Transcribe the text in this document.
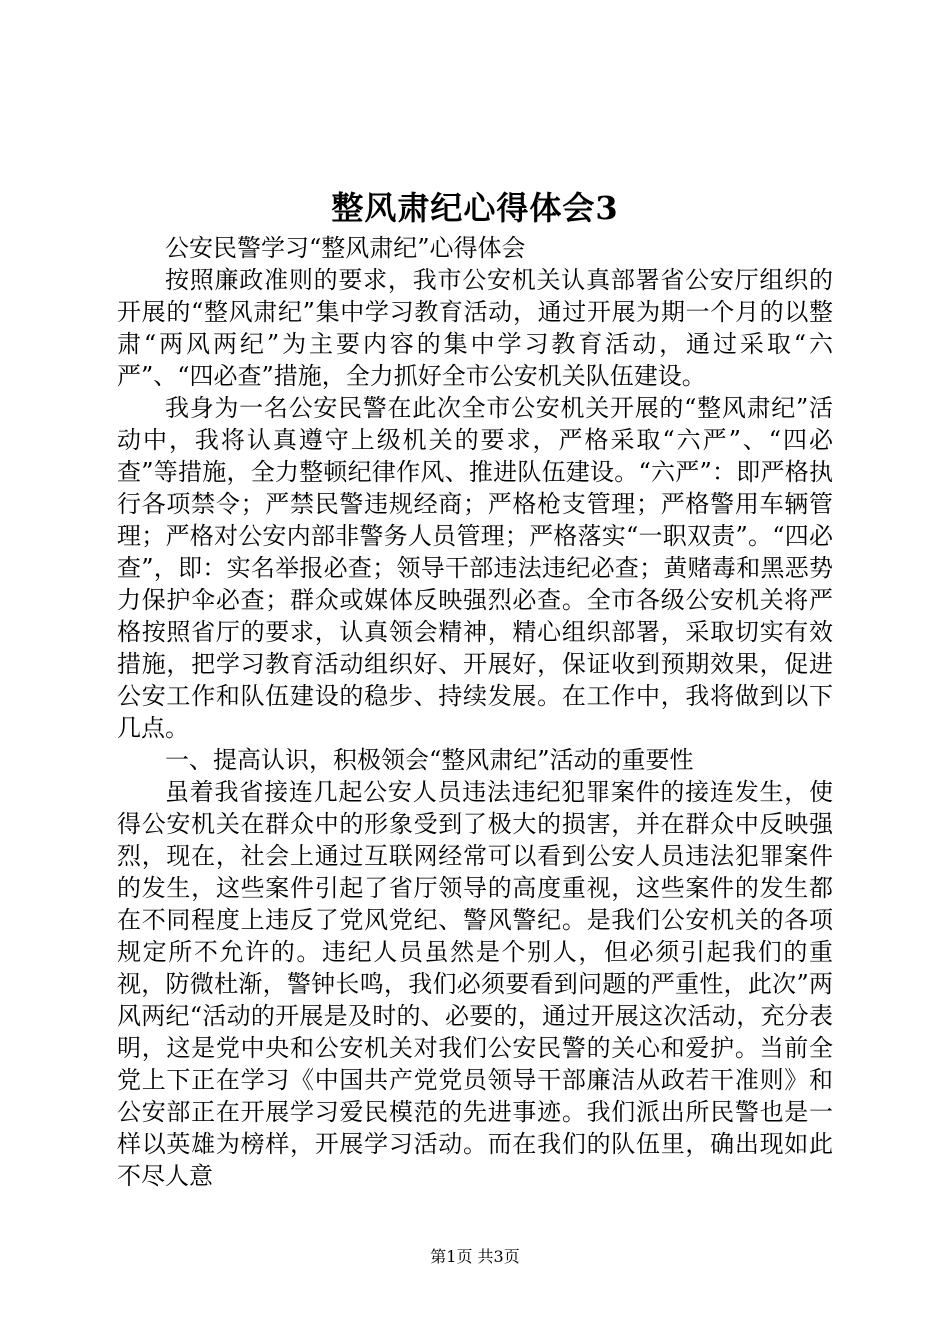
整风肃纪心得体会3

公安民警学习“整风肃纪”心得体会

按照廉政准则的要求，我市公安机关认真部署省公安厅组织的开展的“整风肃纪”集中学习教育活动，通过开展为期一个月的以整肃“两风两纪”为主要内容的集中学习教育活动，通过采取“六严”、“四必查”措施，全力抓好全市公安机关队伍建设。

我身为一名公安民警在此次全市公安机关开展的“整风肃纪”活动中，我将认真遵守上级机关的要求，严格采取“六严”、“四必查”等措施，全力整顿纪律作风、推进队伍建设。“六严”：即严格执行各项禁令；严禁民警违规经商；严格枪支管理；严格警用车辆管理；严格对公安内部非警务人员管理；严格落实“一职双责”。“四必查”，即：实名举报必查；领导干部违法违纪必查；黄赌毒和黑恶势力保护伞必查；群众或媒体反映强烈必查。全市各级公安机关将严格按照省厅的要求，认真领会精神，精心组织部署，采取切实有效措施，把学习教育活动组织好、开展好，保证收到预期效果，促进公安工作和队伍建设的稳步、持续发展。在工作中，我将做到以下几点。

一、提高认识，积极领会“整风肃纪”活动的重要性

虽着我省接连几起公安人员违法违纪犯罪案件的接连发生，使得公安机关在群众中的形象受到了极大的损害，并在群众中反映强烈，现在，社会上通过互联网经常可以看到公安人员违法犯罪案件的发生，这些案件引起了省厅领导的高度重视，这些案件的发生都在不同程度上违反了党风党纪、警风警纪。是我们公安机关的各项规定所不允许的。违纪人员虽然是个别人，但必须引起我们的重视，防微杜渐，警钟长鸣，我们必须要看到问题的严重性，此次”两风两纪“活动的开展是及时的、必要的，通过开展这次活动，充分表明，这是党中央和公安机关对我们公安民警的关心和爱护。当前全党上下正在学习《中国共产党党员领导干部廉洁从政若干准则》和公安部正在开展学习爱民模范的先进事迹。我们派出所民警也是一样以英雄为榜样，开展学习活动。而在我们的队伍里，确出现如此不尽人意

第1页 共3页
